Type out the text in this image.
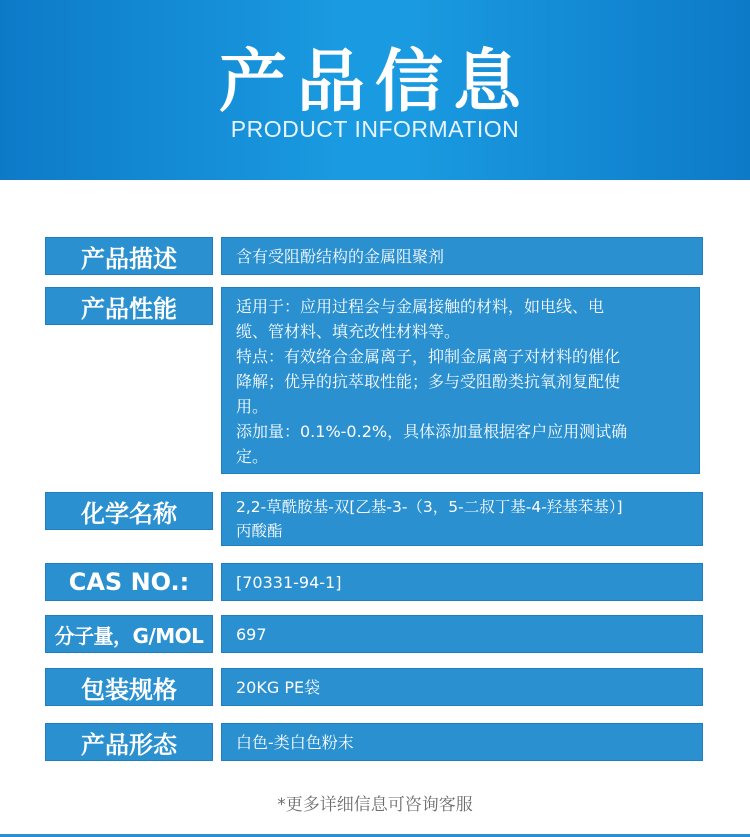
产品信息
PRODUCT INFORMATION
产品描述	含有受阻酚结构的金属阻聚剂
产品性能	适用于：应用过程会与金属接触的材料，如电线、电
缆、管材料、填充改性材料等。
特点：有效络合金属离子，抑制金属离子对材料的催化
降解；优异的抗萃取性能；多与受阻酚类抗氧剂复配使
用。
添加量：0.1%-0.2%，具体添加量根据客户应用测试确
定。
化学名称	2,2-草酰胺基-双[乙基-3-（3，5-二叔丁基-4-羟基苯基）]
丙酸酯
CAS NO.:	[70331-94-1]
分子量，G/MOL	697
包装规格	20KG PE袋
产品形态	白色-类白色粉末
*更多详细信息可咨询客服
